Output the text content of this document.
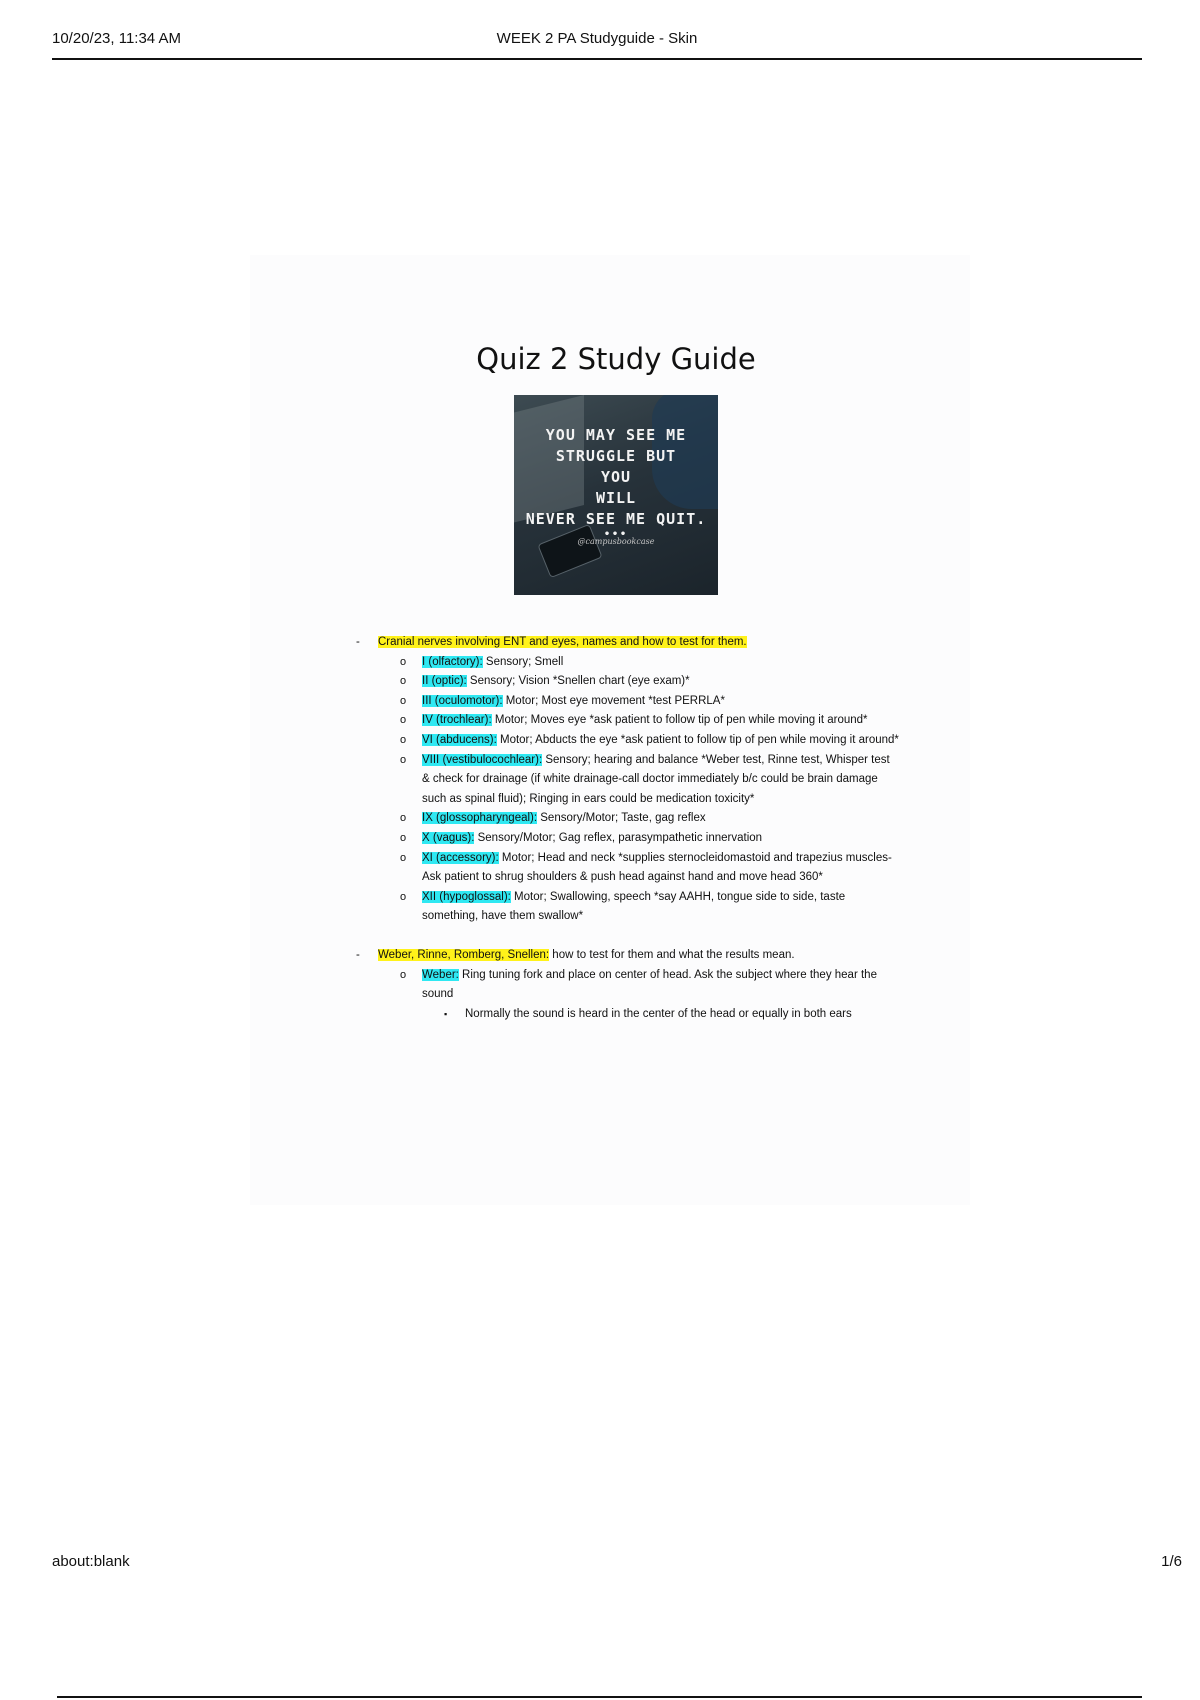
10/20/23, 11:34 AM	WEEK 2 PA Studyguide - Skin
Quiz 2 Study Guide
YOU MAY SEE ME
STRUGGLE BUT
YOU
WILL
NEVER SEE ME QUIT.
•••
@campusbookcase
- Cranial nerves involving ENT and eyes, names and how to test for them.
o I (olfactory): Sensory; Smell
o II (optic): Sensory; Vision *Snellen chart (eye exam)*
o III (oculomotor): Motor; Most eye movement *test PERRLA*
o IV (trochlear): Motor; Moves eye *ask patient to follow tip of pen while moving it around*
o VI (abducens): Motor; Abducts the eye *ask patient to follow tip of pen while moving it around*
o VIII (vestibulocochlear): Sensory; hearing and balance *Weber test, Rinne test, Whisper test & check for drainage (if white drainage-call doctor immediately b/c could be brain damage such as spinal fluid); Ringing in ears could be medication toxicity*
o IX (glossopharyngeal): Sensory/Motor; Taste, gag reflex
o X (vagus): Sensory/Motor; Gag reflex, parasympathetic innervation
o XI (accessory): Motor; Head and neck *supplies sternocleidomastoid and trapezius muscles-Ask patient to shrug shoulders & push head against hand and move head 360*
o XII (hypoglossal): Motor; Swallowing, speech *say AAHH, tongue side to side, taste something, have them swallow*
- Weber, Rinne, Romberg, Snellen: how to test for them and what the results mean.
o Weber: Ring tuning fork and place on center of head. Ask the subject where they hear the sound
▪ Normally the sound is heard in the center of the head or equally in both ears
about:blank	1/6
